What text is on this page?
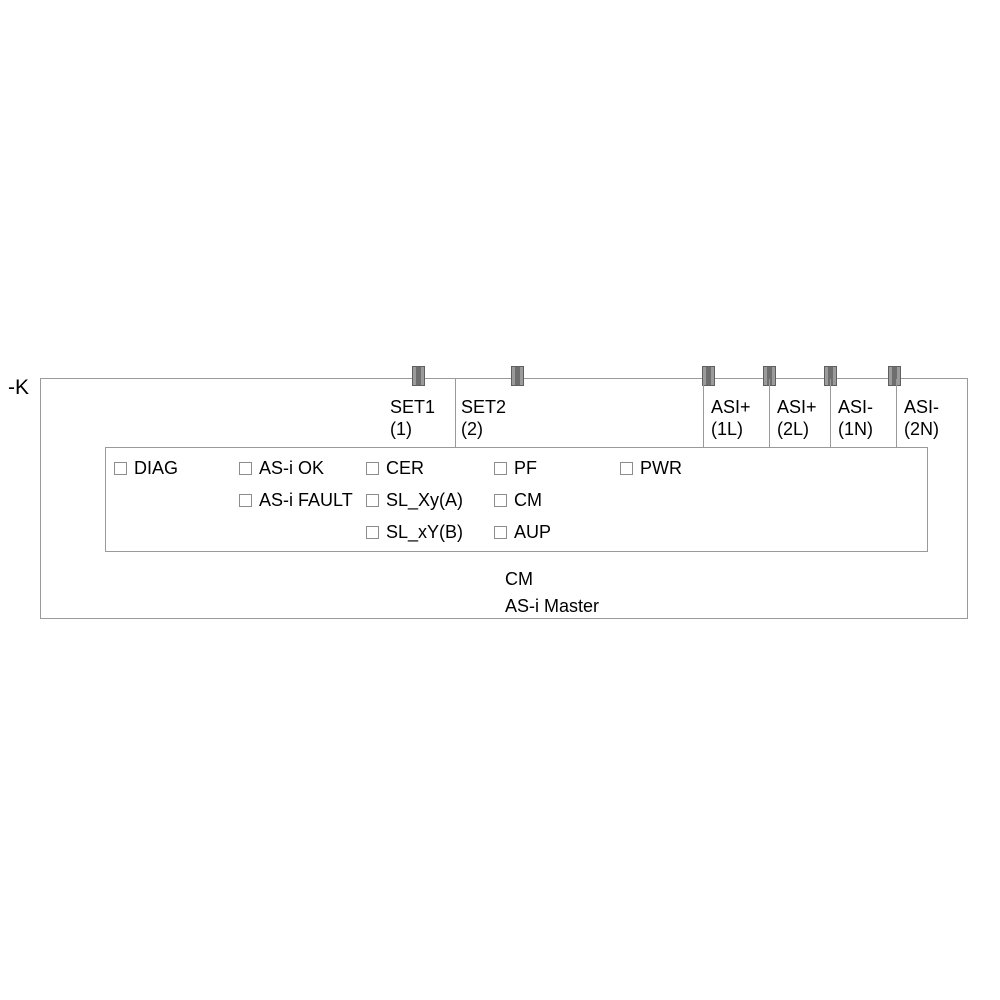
-K
SET1
(1)
SET2
(2)
ASI+
(1L)
ASI+
(2L)
ASI-
(1N)
ASI-
(2N)
DIAG	AS-i OK
AS-i FAULT
CER
SL_Xy(A)
SL_xY(B)
PF
CM
AUP
PWR
CM
AS-i Master
